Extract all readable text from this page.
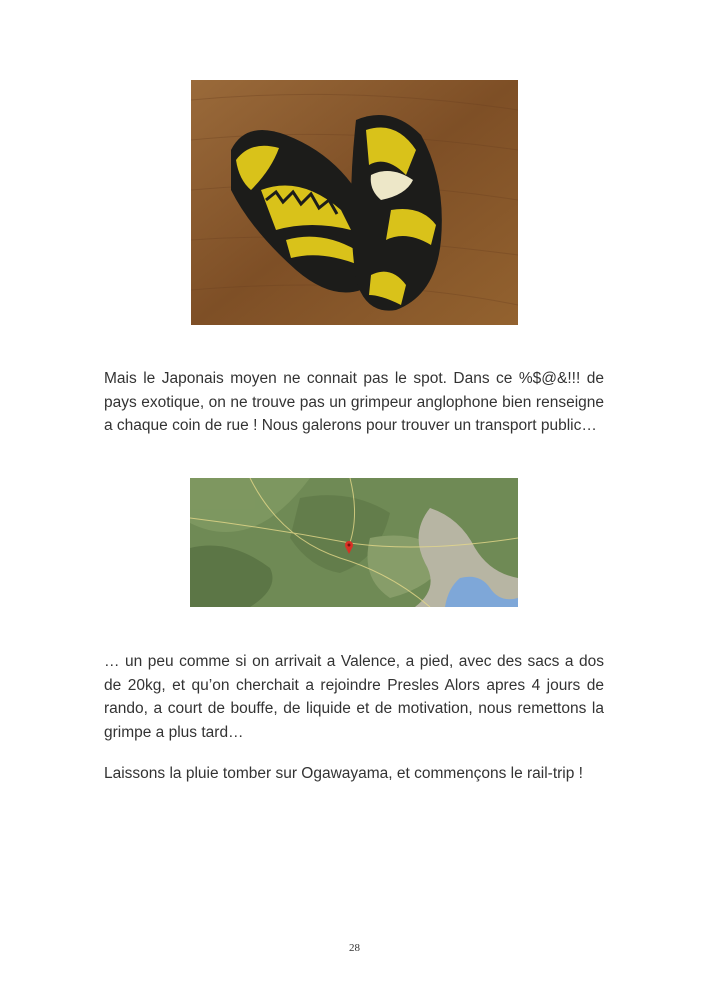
Mais le Japonais moyen ne connait pas le spot. Dans ce %$@&!!! de pays exotique, on ne trouve pas un grimpeur anglophone bien renseigne a chaque coin de rue ! Nous galerons pour trouver un transport public…

… un peu comme si on arrivait a Valence, a pied, avec des sacs a dos de 20kg, et qu’on cherchait a rejoindre Presles Alors apres 4 jours de rando, a court de bouffe, de liquide et de motivation, nous remettons la grimpe a plus tard…

Laissons la pluie tomber sur Ogawayama, et commençons le rail-trip !

28
